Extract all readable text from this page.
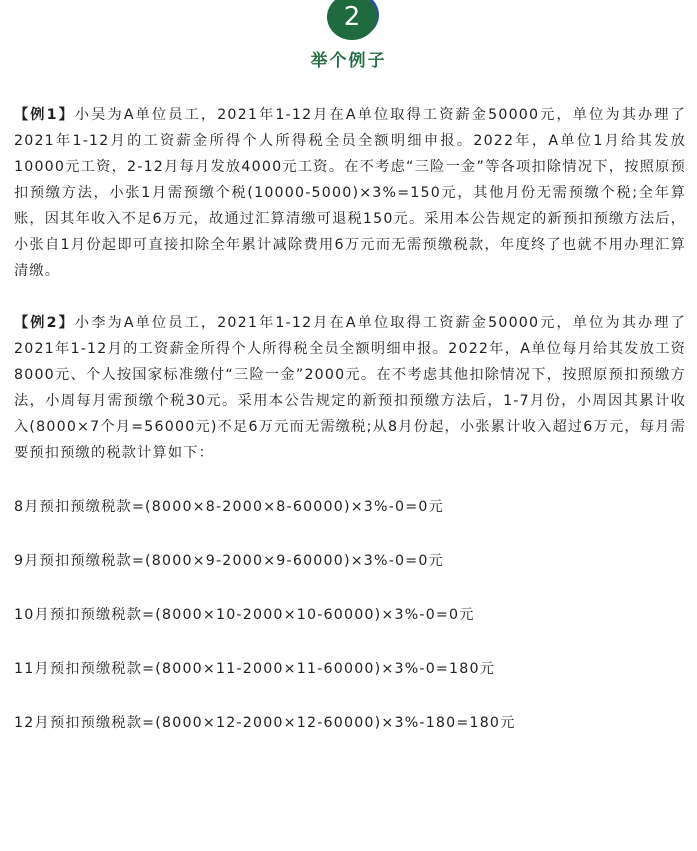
2
举个例子

【例1】小吴为A单位员工，2021年1-12月在A单位取得工资薪金50000元，单位为其办理了2021年1-12月的工资薪金所得个人所得税全员全额明细申报。2022年，A单位1月给其发放10000元工资，2-12月每月发放4000元工资。在不考虑“三险一金”等各项扣除情况下，按照原预扣预缴方法，小张1月需预缴个税(10000-5000)×3%=150元，其他月份无需预缴个税;全年算账，因其年收入不足6万元，故通过汇算清缴可退税150元。采用本公告规定的新预扣预缴方法后，小张自1月份起即可直接扣除全年累计减除费用6万元而无需预缴税款，年度终了也就不用办理汇算清缴。

【例2】小李为A单位员工，2021年1-12月在A单位取得工资薪金50000元，单位为其办理了2021年1-12月的工资薪金所得个人所得税全员全额明细申报。2022年，A单位每月给其发放工资8000元、个人按国家标准缴付“三险一金”2000元。在不考虑其他扣除情况下，按照原预扣预缴方法，小周每月需预缴个税30元。采用本公告规定的新预扣预缴方法后，1-7月份，小周因其累计收入(8000×7个月=56000元)不足6万元而无需缴税;从8月份起，小张累计收入超过6万元，每月需要预扣预缴的税款计算如下：

8月预扣预缴税款=(8000×8-2000×8-60000)×3%-0=0元

9月预扣预缴税款=(8000×9-2000×9-60000)×3%-0=0元

10月预扣预缴税款=(8000×10-2000×10-60000)×3%-0=0元

11月预扣预缴税款=(8000×11-2000×11-60000)×3%-0=180元

12月预扣预缴税款=(8000×12-2000×12-60000)×3%-180=180元
